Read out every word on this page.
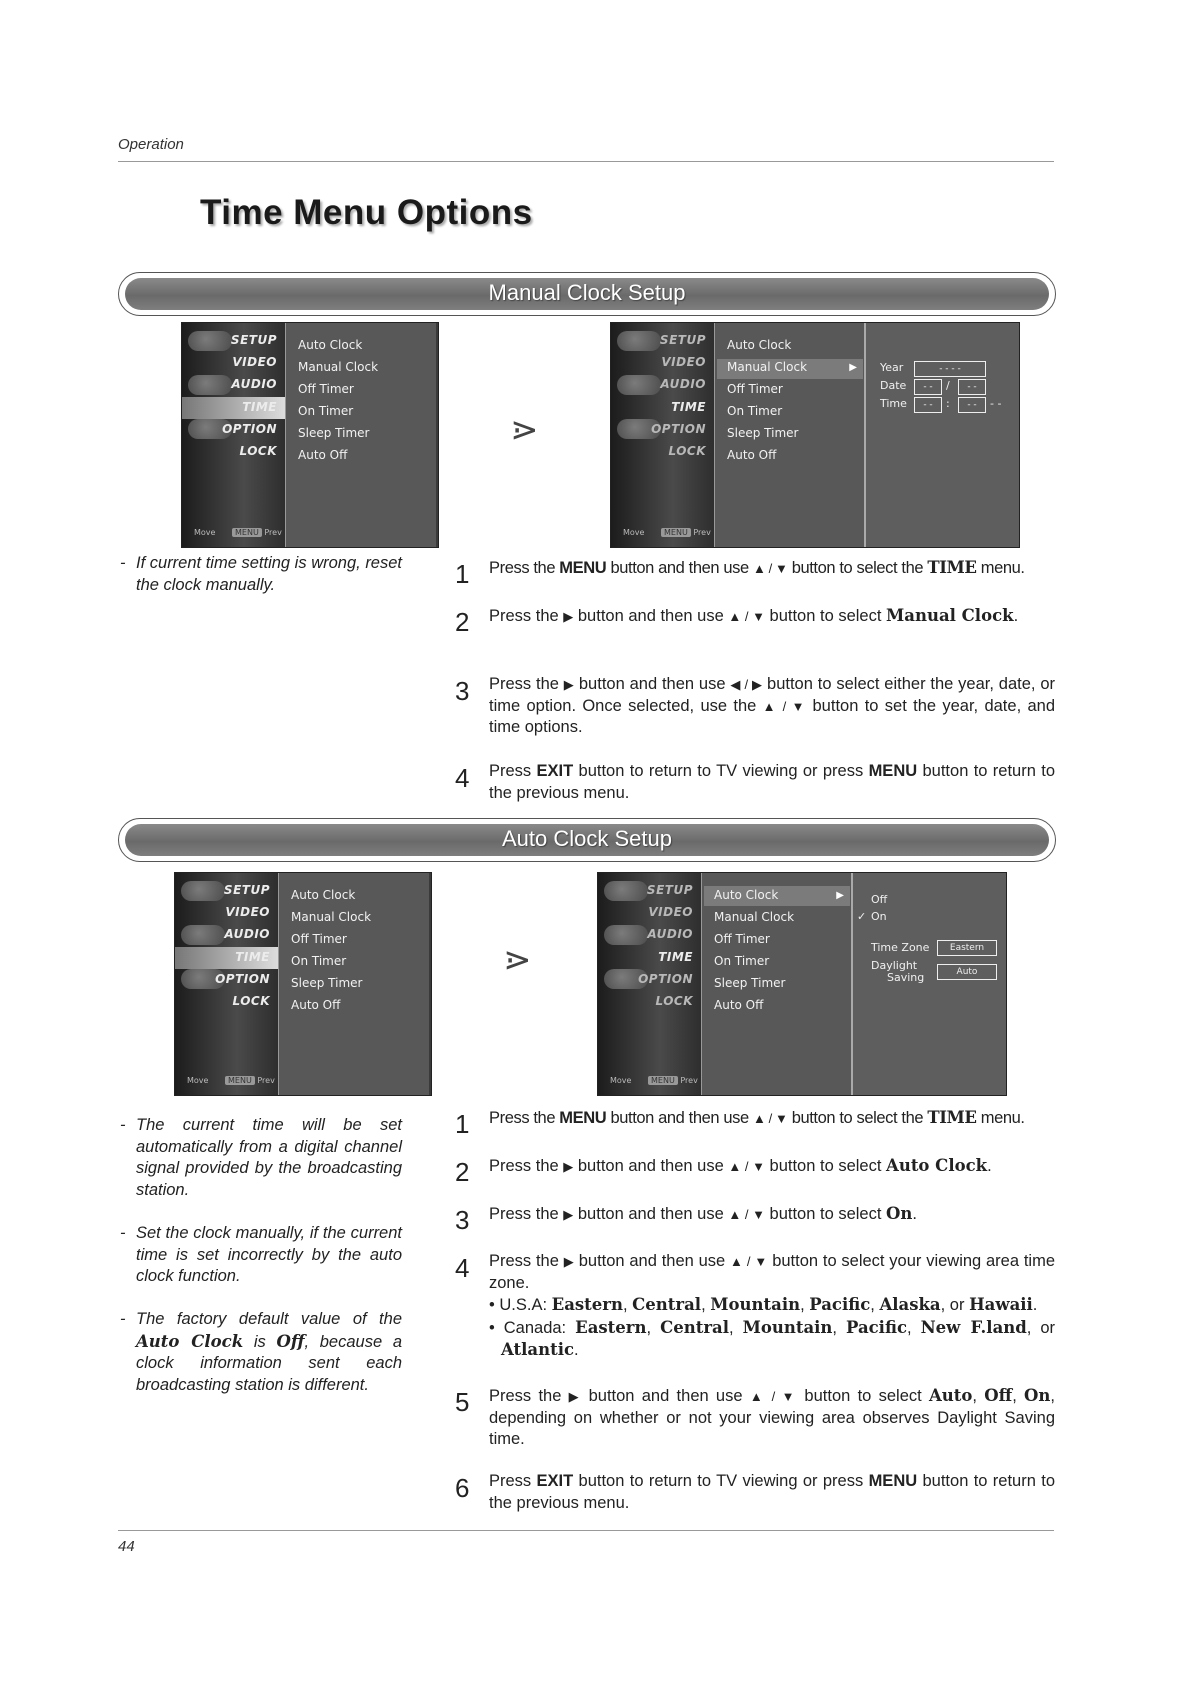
Operation
Time Menu Options
Manual Clock Setup
SETUP
VIDEO
AUDIO
TIME
OPTION
LOCK
Auto Clock
Manual Clock
Off Timer
On Timer
Sleep Timer
Auto Off
Move MENU Prev
⋗
SETUP
VIDEO
AUDIO
TIME
OPTION
LOCK
Auto Clock
Manual Clock	▶
Off Timer
On Timer
Sleep Timer
Auto Off
Year	- - - -
Date	- -	/	- -
Time	- -	:	- -	- -
Move MENU Prev
- If current time setting is wrong, reset the clock manually.	1 Press the MENU button and then use ▲ / ▼ button to select the TIME menu.
2 Press the ▶ button and then use ▲ / ▼ button to select Manual Clock.
3 Press the ▶ button and then use ◀ / ▶ button to select either the year, date, or time option. Once selected, use the ▲ / ▼ button to set the year, date, and time options.
4 Press EXIT button to return to TV viewing or press MENU button to return to the previous menu.
Auto Clock Setup
SETUP
VIDEO
AUDIO
TIME
OPTION
LOCK
Auto Clock
Manual Clock
Off Timer
On Timer
Sleep Timer
Auto Off
Move MENU Prev
⋗
SETUP
VIDEO
AUDIO
TIME
OPTION
LOCK
Auto Clock	▶
Manual Clock
Off Timer
On Timer
Sleep Timer
Auto Off
Off
✓ On
Time Zone	Eastern
Daylight
Saving	Auto
Move MENU Prev
- The current time will be set automatically from a digital channel signal provided by the broadcasting station.
- Set the clock manually, if the current time is set incorrectly by the auto clock function.
- The factory default value of the Auto Clock is Off, because a clock information sent each broadcasting station is different.
1 Press the MENU button and then use ▲ / ▼ button to select the TIME menu.
2 Press the ▶ button and then use ▲ / ▼ button to select Auto Clock.
3 Press the ▶ button and then use ▲ / ▼ button to select On.
4 Press the ▶ button and then use ▲ / ▼ button to select your viewing area time zone.
• U.S.A: Eastern, Central, Mountain, Pacific, Alaska, or Hawaii.
• Canada: Eastern, Central, Mountain, Pacific, New F.land, or Atlantic.
5 Press the ▶ button and then use ▲ / ▼ button to select Auto, Off, On, depending on whether or not your viewing area observes Daylight Saving time.
6 Press EXIT button to return to TV viewing or press MENU button to return to the previous menu.
44
